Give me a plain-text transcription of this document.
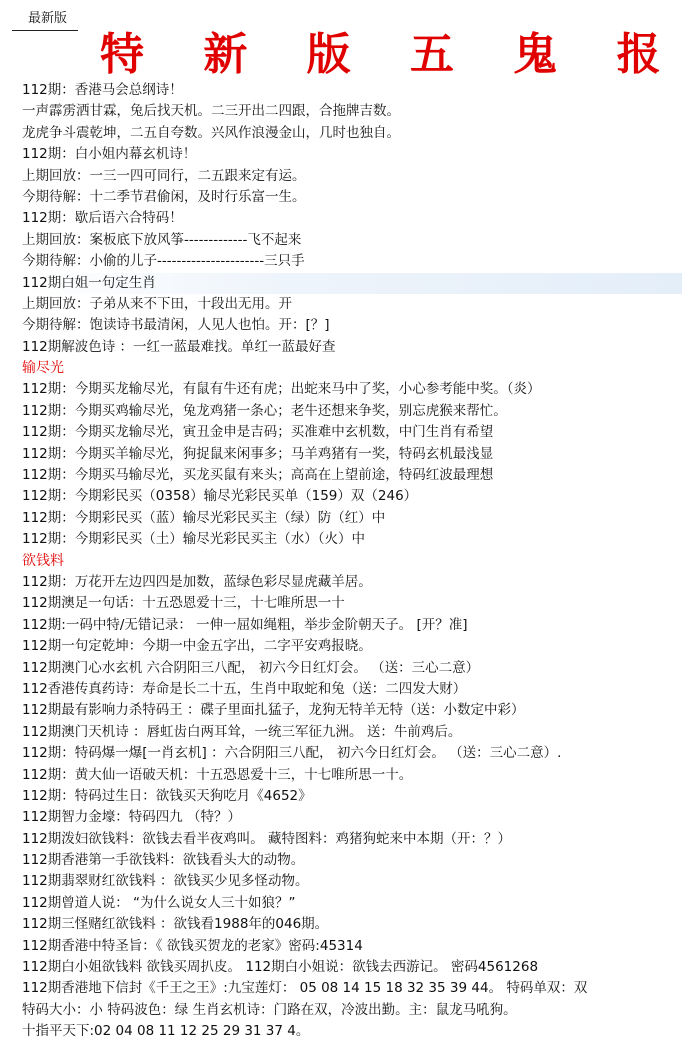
最新版
特 新 版 五 鬼 报
112期：香港马会总纲诗！
一声霹雳洒甘霖，兔后找天机。二三开出二四跟，合拖牌吉数。
龙虎争斗震乾坤，二五自夸数。兴风作浪漫金山，几时也独自。
112期：白小姐内幕玄机诗！
上期回放：一三一四可同行，二五跟来定有运。
今期待解：十二季节君偷闲，及时行乐富一生。
112期：歇后语六合特码！
上期回放：案板底下放风筝-------------飞不起来
今期待解：小偷的儿子----------------------三只手
112期白姐一句定生肖
上期回放：子弟从来不下田，十段出无用。开
今期待解：饱读诗书最清闲，人见人也怕。开：[？]
112期解波色诗 ：一红一蓝最难找。单红一蓝最好查
输尽光
112期：今期买龙输尽光，有鼠有牛还有虎；出蛇来马中了奖，小心参考能中奖。（炎）
112期：今期买鸡输尽光，兔龙鸡猪一条心；老牛还想来争奖，别忘虎猴来帮忙。
112期：今期买龙输尽光，寅丑金申是吉码；买准难中玄机数，中门生肖有希望
112期：今期买羊输尽光，狗捉鼠来闲事多；马羊鸡猪有一奖，特码玄机最浅显
112期：今期买马输尽光，买龙买鼠有来头；高高在上望前途，特码红波最理想
112期：今期彩民买（0358）输尽光彩民买单（159）双（246）
112期：今期彩民买（蓝）输尽光彩民买主（绿）防（红）中
112期：今期彩民买（土）输尽光彩民买主（水）（火）中
欲钱料
112期：万花开左边四四是加数，蓝绿色彩尽显虎藏羊居。
112期澳足一句话：十五恐恩爱十三，十七唯所思一十
112期:一码中特/无错记录： 一伸一屈如绳粗，举步金阶朝天子。 [开？准]
112期一句定乾坤：今期一中金五字出，二字平安鸡报晓。
112期澳门心水玄机 六合阴阳三八配， 初六今日红灯会。 （送：三心二意）
112香港传真药诗：寿命是长二十五，生肖中取蛇和兔（送：二四发大财）
112期最有影响力杀特码王 ：碟子里面扎猛子，龙狗无特羊无特（送：小数定中彩）
112期澳门天机诗 ：唇虹齿白两耳耸，一统三军征九洲。 送：牛前鸡后。
112期：特码爆一爆[一肖玄机] ：六合阴阳三八配， 初六今日红灯会。 （送：三心二意）.
112期：黄大仙一语破天机：十五恐恩爱十三，十七唯所思一十。
112期：特码过生日：欲钱买天狗吃月《4652》
112期智力金壕：特码四九 （特？）
112期泼妇欲钱料：欲钱去看半夜鸡叫。 藏特图料：鸡猪狗蛇来中本期（开：？）
112期香港第一手欲钱料：欲钱看头大的动物。
112期翡翠财红欲钱料 ：欲钱买少见多怪动物。
112期曾道人说： “为什么说女人三十如狼？”
112期三怪赌红欲钱料 ：欲钱看1988年的046期。
112期香港中特圣旨：《 欲钱买贺龙的老家》密码:45314
112期白小姐欲钱料 欲钱买周扒皮。 112期白小姐说：欲钱去西游记。 密码4561268
112期香港地下信封《千王之王》:九宝莲灯： 05 08 14 15 18 32 35 39 44。 特码单双：双
特码大小：小 特码波色：绿 生肖玄机诗：门路在双，冷波出勤。主：鼠龙马吼狗。
十指平天下:02 04 08 11 12 25 29 31 37 4。
